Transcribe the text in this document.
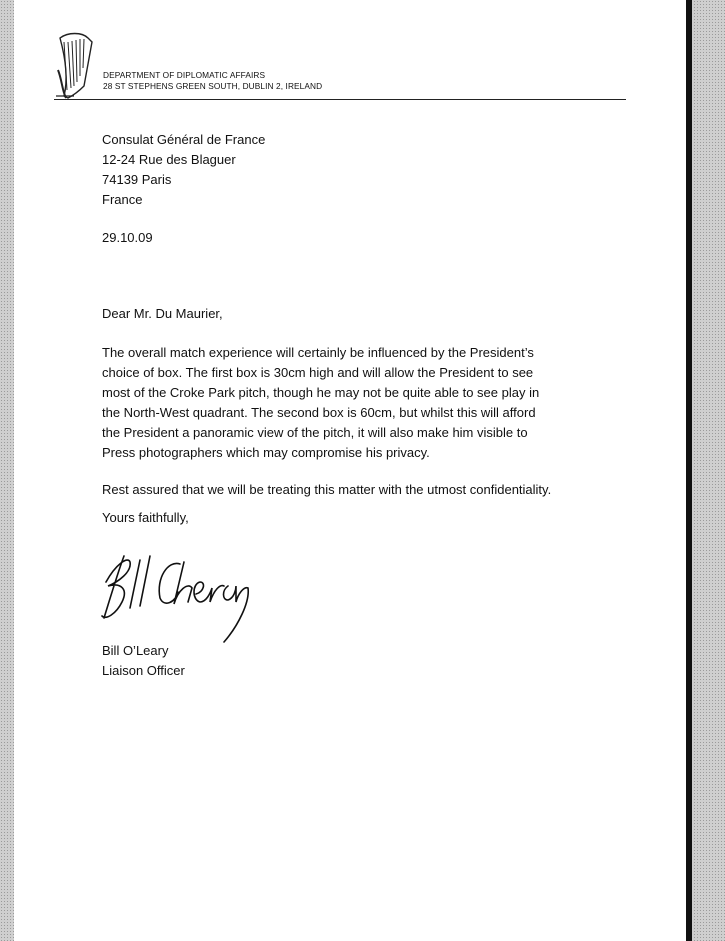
DEPARTMENT OF DIPLOMATIC AFFAIRS
28 ST STEPHENS GREEN SOUTH, DUBLIN 2, IRELAND
Consulat Général de France
12-24 Rue des Blaguer
74139 Paris
France
29.10.09
Dear Mr. Du Maurier,
The overall match experience will certainly be influenced by the President’s
choice of box. The first box is 30cm high and will allow the President to see
most of the Croke Park pitch, though he may not be quite able to see play in
the North-West quadrant. The second box is 60cm, but whilst this will afford
the President a panoramic view of the pitch, it will also make him visible to
Press photographers which may compromise his privacy.
Rest assured that we will be treating this matter with the utmost confidentiality.
Yours faithfully,
Bill O’Leary
Liaison Officer
